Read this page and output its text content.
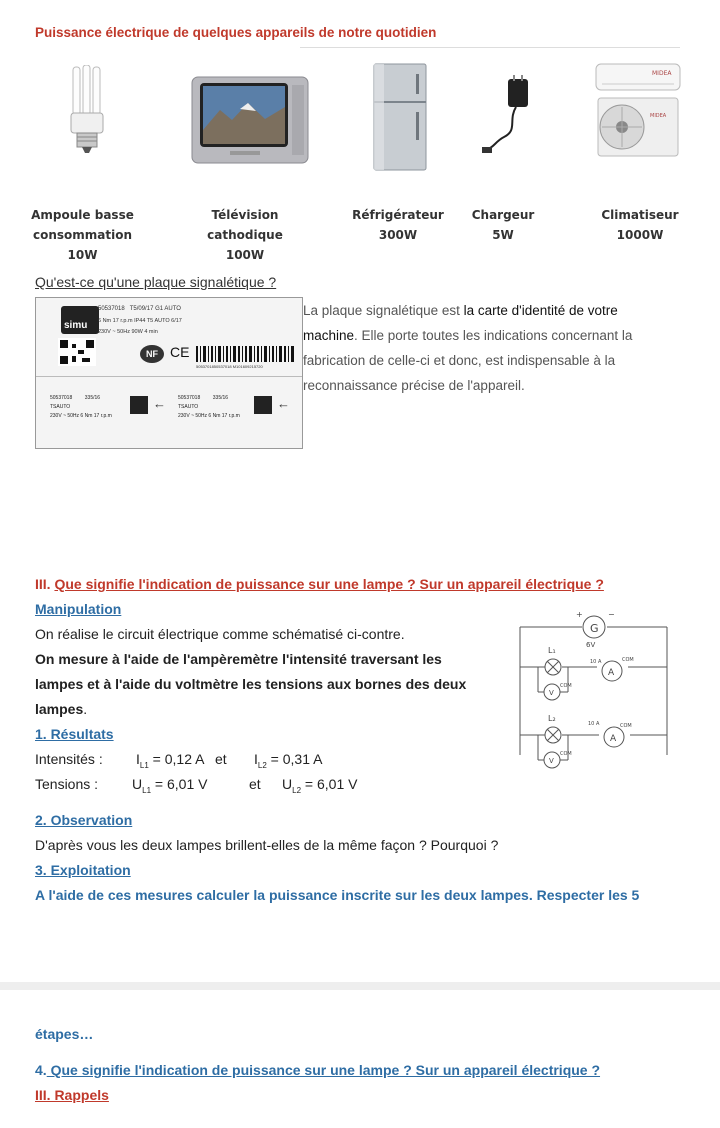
Puissance électrique de quelques appareils de notre quotidien
MIDEA
MIDEA
Ampoule basse
consommation
10W
Télévision cathodique
100W
Réfrigérateur
300W
Chargeur
5W
Climatiseur
1000W
Qu'est-ce qu'une plaque signalétique ?
simu
50537018 T5/09/17 G1 AUTO
6 Nm 17 r.p.m IP44 T5 AUTO 6/17
230V ~ 50Hz 90W 4 min
NF CE
5053701850537018 M101609215720
50537018	335/16
TSAUTO
230V ~ 50Hz 6 Nm 17 r.p.m
← 50537018	335/16
TSAUTO
230V ~ 50Hz 6 Nm 17 r.p.m
←
La plaque signalétique est la carte d'identité de votre
machine. Elle porte toutes les indications concernant la
fabrication de celle-ci et donc, est indispensable à la
reconnaissance précise de l'appareil.
III. Que signifie l'indication de puissance sur une lampe ? Sur un appareil électrique ?
Manipulation
On réalise le circuit électrique comme schématisé ci-contre.
On mesure à l'aide de l'ampèremètre l'intensité traversant les
lampes et à l'aide du voltmètre les tensions aux bornes des deux
lampes.
1. Résultats
Intensités : $I_{L1} = 0,12$ A et $I_{L2} = 0,31$ A
Tensions : $U_{L1} = 6,01$ V	et $U_{L2} = 6,01$ V
2. Observation
D'après vous les deux lampes brillent-elles de la même façon ? Pourquoi ?
3. Exploitation
A l'aide de ces mesures calculer la puissance inscrite sur les deux lampes. Respecter les 5
G
6V
+	−
L₁
L₂
A
A
V
V
10 A	COM
COM
10 A	COM
COM
étapes…
4. Que signifie l'indication de puissance sur une lampe ? Sur un appareil électrique ?
III. Rappels
